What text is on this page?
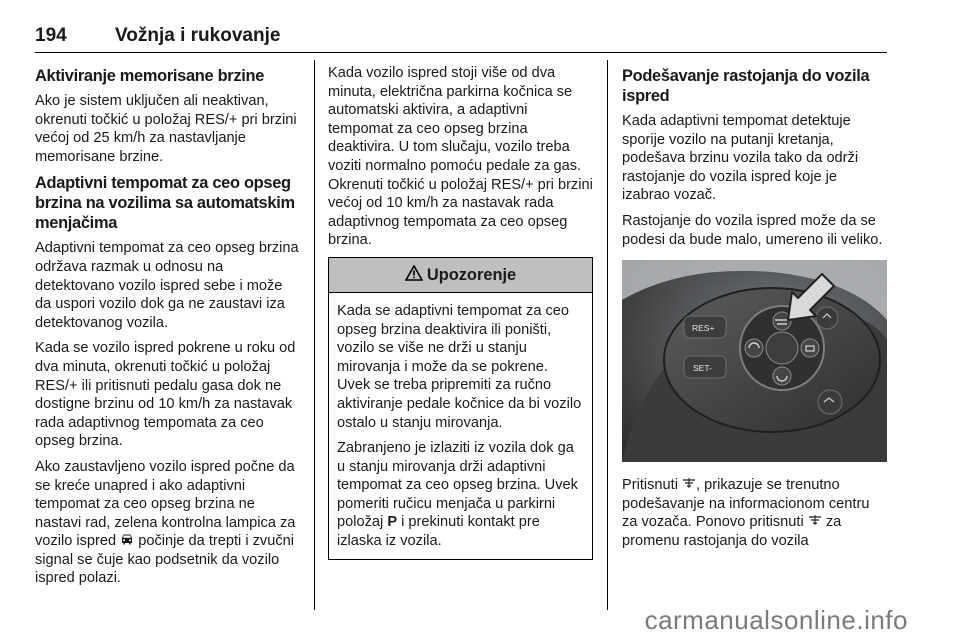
194	Vožnja i rukovanje
Aktiviranje memorisane brzine

Ako je sistem uključen ali neaktivan, okrenuti točkić u položaj RES/+ pri brzini većoj od 25 km/h za nastavljanje memorisane brzine.

Adaptivni tempomat za ceo opseg brzina na vozilima sa automatskim menjačima

Adaptivni tempomat za ceo opseg brzina održava razmak u odnosu na detektovano vozilo ispred sebe i može da uspori vozilo dok ga ne zaustavi iza detektovanog vozila.

Kada se vozilo ispred pokrene u roku od dva minuta, okrenuti točkić u položaj RES/+ ili pritisnuti pedalu gasa dok ne dostigne brzinu od 10 km/h za nastavak rada adaptivnog tempomata za ceo opseg brzina.

Ako zaustavljeno vozilo ispred počne da se kreće unapred i ako adaptivni tempomat za ceo opseg brzina ne nastavi rad, zelena kontrolna lampica za vozilo ispred počinje da trepti i zvučni signal se čuje kao podsetnik da vozilo ispred polazi.

Kada vozilo ispred stoji više od dva minuta, električna parkirna kočnica se automatski aktivira, a adaptivni tempomat za ceo opseg brzina deaktivira. U tom slučaju, vozilo treba voziti normalno pomoću pedale za gas. Okrenuti točkić u položaj RES/+ pri brzini većoj od 10 km/h za nastavak rada adaptivnog tempomata za ceo opseg brzina.

Upozorenje

Kada se adaptivni tempomat za ceo opseg brzina deaktivira ili poništi, vozilo se više ne drži u stanju mirovanja i može da se pokrene. Uvek se treba pripremiti za ručno aktiviranje pedale kočnice da bi vozilo ostalo u stanju mirovanja.

Zabranjeno je izlaziti iz vozila dok ga u stanju mirovanja drži adaptivni tempomat za ceo opseg brzina. Uvek pomeriti ručicu menjača u parkirni položaj P i prekinuti kontakt pre izlaska iz vozila.

Podešavanje rastojanja do vozila ispred

Kada adaptivni tempomat detektuje sporije vozilo na putanji kretanja, podešava brzinu vozila tako da održi rastojanje do vozila ispred koje je izabrao vozač.

Rastojanje do vozila ispred može da se podesi da bude malo, umereno ili veliko.

RES+
SET-

Pritisnuti , prikazuje se trenutno podešavanje na informacionom centru za vozača. Ponovo pritisnuti za promenu rastojanja do vozila

carmanualsonline.info
